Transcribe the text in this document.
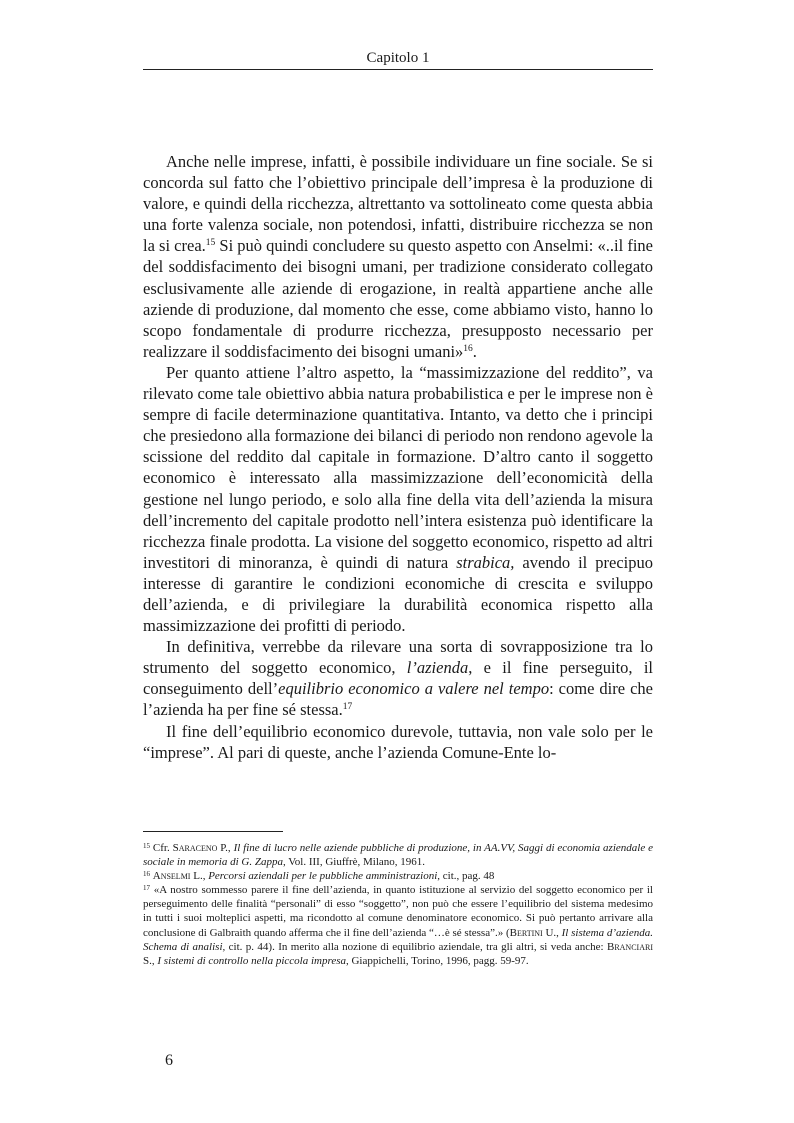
Capitolo 1

Anche nelle imprese, infatti, è possibile individuare un fine sociale. Se si concorda sul fatto che l’obiettivo principale dell’impresa è la produzione di valore, e quindi della ricchezza, altrettanto va sottolineato come questa abbia una forte valenza sociale, non potendosi, infatti, distribuire ricchezza se non la si crea.$^{15}$ Si può quindi concludere su questo aspetto con Anselmi: «..il fine del soddisfacimento dei bisogni umani, per tradizione considerato collegato esclusivamente alle aziende di erogazione, in realtà appartiene anche alle aziende di produzione, dal momento che esse, come abbiamo visto, hanno lo scopo fondamentale di produrre ricchezza, presupposto necessario per realizzare il soddisfacimento dei bisogni umani»$^{16}$.

Per quanto attiene l’altro aspetto, la “massimizzazione del reddito”, va rilevato come tale obiettivo abbia natura probabilistica e per le imprese non è sempre di facile determinazione quantitativa. Intanto, va detto che i principi che presiedono alla formazione dei bilanci di periodo non rendono agevole la scissione del reddito dal capitale in formazione. D’altro canto il soggetto economico è interessato alla massimizzazione dell’economicità della gestione nel lungo periodo, e solo alla fine della vita dell’azienda la misura dell’incremento del capitale prodotto nell’intera esistenza può identificare la ricchezza finale prodotta. La visione del soggetto economico, rispetto ad altri investitori di minoranza, è quindi di natura strabica, avendo il precipuo interesse di garantire le condizioni economiche di crescita e sviluppo dell’azienda, e di privilegiare la durabilità economica rispetto alla massimizzazione dei profitti di periodo.

In definitiva, verrebbe da rilevare una sorta di sovrapposizione tra lo strumento del soggetto economico, l’azienda, e il fine perseguito, il conseguimento dell’equilibrio economico a valere nel tempo: come dire che l’azienda ha per fine sé stessa.$^{17}$

Il fine dell’equilibrio economico durevole, tuttavia, non vale solo per le “imprese”. Al pari di queste, anche l’azienda Comune-Ente lo-

$^{15}$ Cfr. Saraceno P., Il fine di lucro nelle aziende pubbliche di produzione, in AA.VV, Saggi di economia aziendale e sociale in memoria di G. Zappa, Vol. III, Giuffrè, Milano, 1961.

$^{16}$ Anselmi L., Percorsi aziendali per le pubbliche amministrazioni, cit., pag. 48

$^{17}$ «A nostro sommesso parere il fine dell’azienda, in quanto istituzione al servizio del soggetto economico per il perseguimento delle finalità “personali” di esso “soggetto”, non può che essere l’equilibrio del sistema medesimo in tutti i suoi molteplici aspetti, ma ricondotto al comune denominatore economico. Si può pertanto arrivare alla conclusione di Galbraith quando afferma che il fine dell’azienda “…è sé stessa”.» (Bertini U., Il sistema d’azienda. Schema di analisi, cit. p. 44). In merito alla nozione di equilibrio aziendale, tra gli altri, si veda anche: Branciari S., I sistemi di controllo nella piccola impresa, Giappichelli, Torino, 1996, pagg. 59-97.

6
